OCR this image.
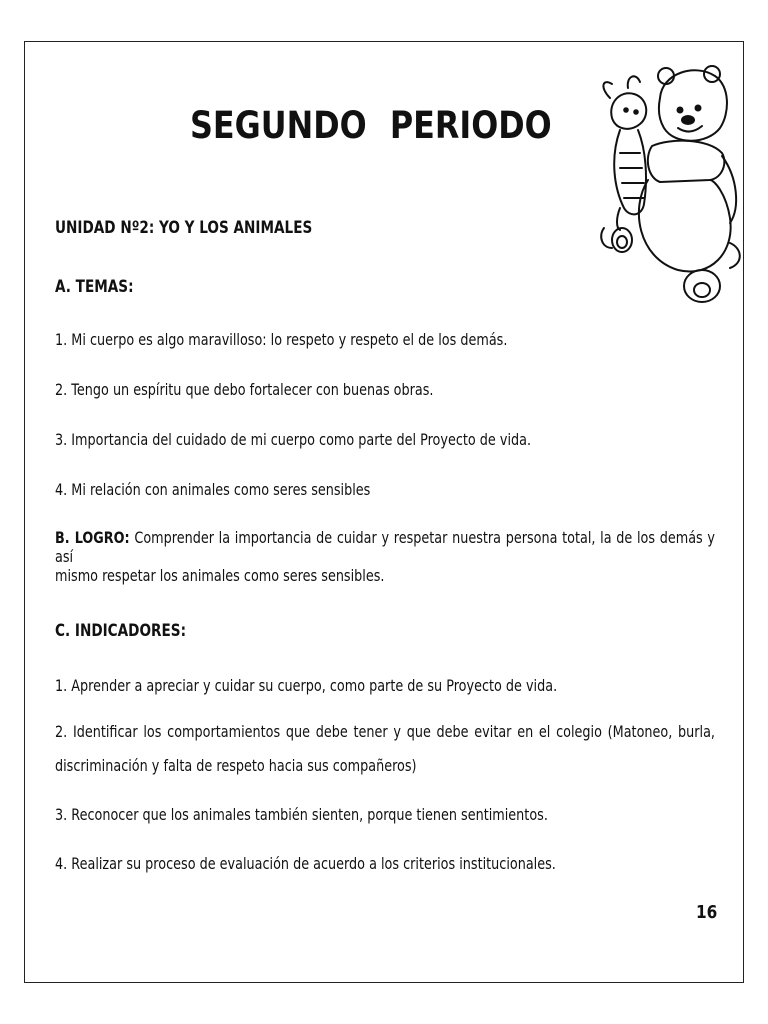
SEGUNDO PERIODO

UNIDAD Nº2: YO Y LOS ANIMALES

A. TEMAS:

1. Mi cuerpo es algo maravilloso: lo respeto y respeto el de los demás.

2. Tengo un espíritu que debo fortalecer con buenas obras.

3. Importancia del cuidado de mi cuerpo como parte del Proyecto de vida.

4. Mi relación con animales como seres sensibles

B. LOGRO: Comprender la importancia de cuidar y respetar nuestra persona total, la de los demás y así

mismo respetar los animales como seres sensibles.

C. INDICADORES:

1. Aprender a apreciar y cuidar su cuerpo, como parte de su Proyecto de vida.

2. Identificar los comportamientos que debe tener y que debe evitar en el colegio (Matoneo, burla,

discriminación y falta de respeto hacia sus compañeros)

3. Reconocer que los animales también sienten, porque tienen sentimientos.

4. Realizar su proceso de evaluación de acuerdo a los criterios institucionales.

16
